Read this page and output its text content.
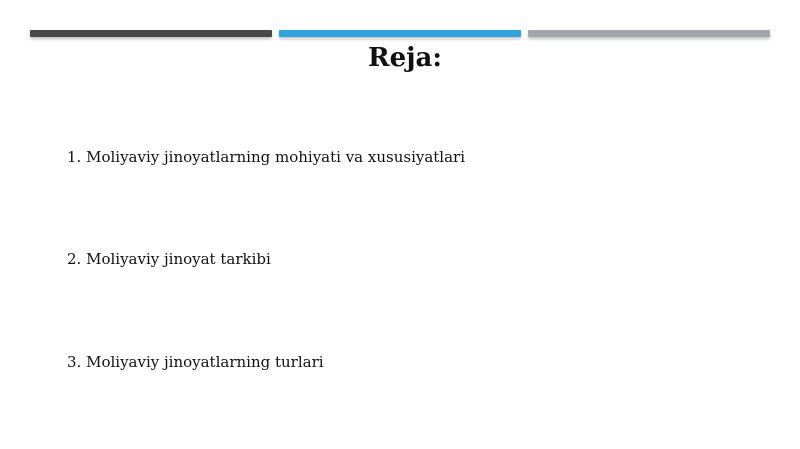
Reja:
1. Moliyaviy jinoyatlarning mohiyati va xususiyatlari
2. Moliyaviy jinoyat tarkibi
3. Moliyaviy jinoyatlarning turlari
